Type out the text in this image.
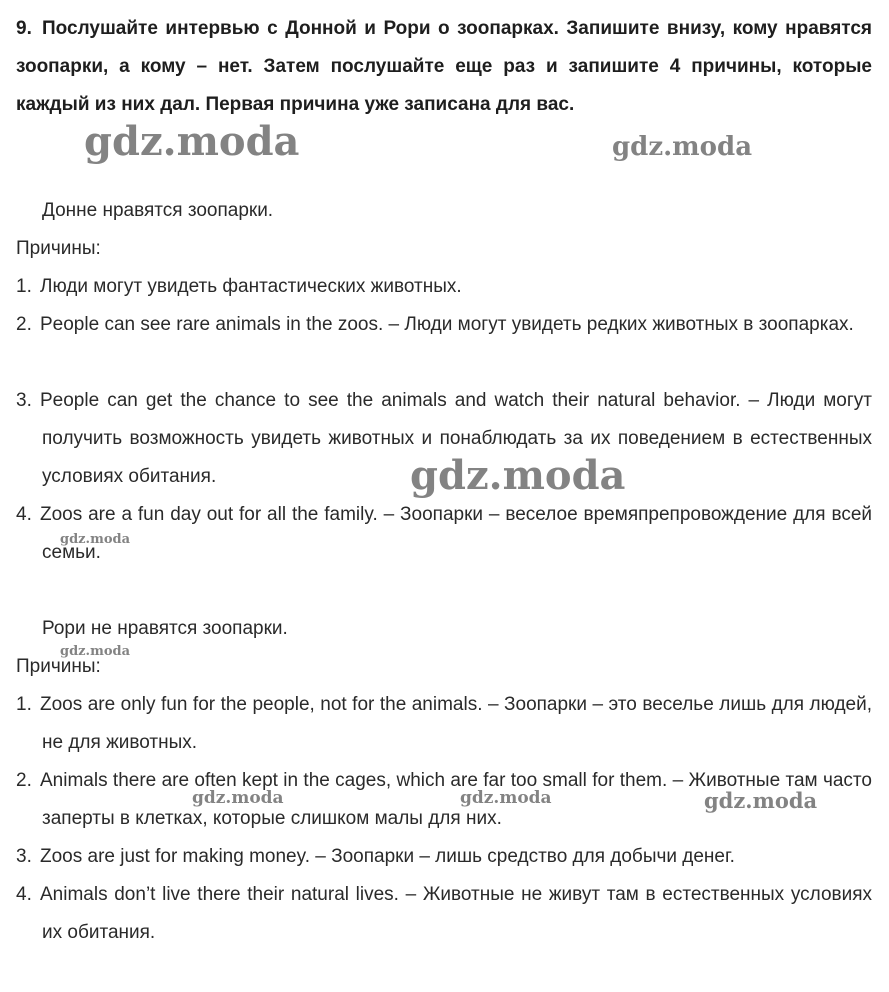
9. Послушайте интервью с Донной и Рори о зоопарках. Запишите внизу, кому нравятся зоопарки, а кому – нет. Затем послушайте еще раз и запишите 4 причины, которые каждый из них дал. Первая причина уже записана для вас.
Донне нравятся зоопарки.
Причины:
1. Люди могут увидеть фантастических животных.
2. People can see rare animals in the zoos. – Люди могут увидеть редких животных в зоопарках.
3. People can get the chance to see the animals and watch their natural behavior. – Люди могут получить возможность увидеть животных и понаблюдать за их поведением в естественных условиях обитания.
4. Zoos are a fun day out for all the family. – Зоопарки – веселое времяпрепровождение для всей семьи.
Рори не нравятся зоопарки.
Причины:
1. Zoos are only fun for the people, not for the animals. – Зоопарки – это веселье лишь для людей, не для животных.
2. Animals there are often kept in the cages, which are far too small for them. – Животные там часто заперты в клетках, которые слишком малы для них.
3. Zoos are just for making money. – Зоопарки – лишь средство для добычи денег.
4. Animals don’t live there their natural lives. – Животные не живут там в естественных условиях их обитания.
gdz.moda	gdz.moda
gdz.moda
gdz.moda
gdz.moda
gdz.moda	gdz.moda	gdz.moda
